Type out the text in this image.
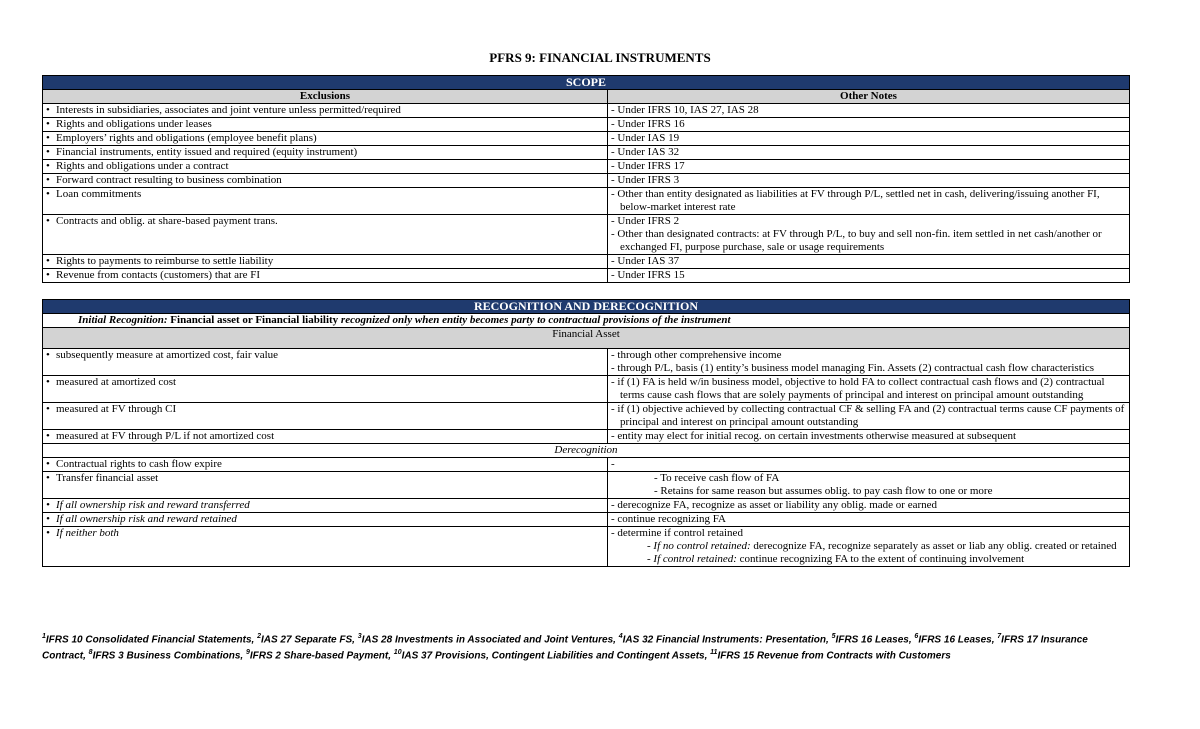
PFRS 9: FINANCIAL INSTRUMENTS
SCOPE	
Exclusions	Other Notes
• Interests in subsidiaries, associates and joint venture unless permitted/required	- Under IFRS 10, IAS 27, IAS 28

• Rights and obligations under leases	- Under IFRS 16

• Employers’ rights and obligations (employee benefit plans)	- Under IAS 19

• Financial instruments, entity issued and required (equity instrument)	- Under IAS 32

• Rights and obligations under a contract	- Under IFRS 17

• Forward contract resulting to business combination	- Under IFRS 3

• Loan commitments	- Other than entity designated as liabilities at FV through P/L, settled net in cash, delivering/issuing another FI, below-market interest rate

• Contracts and oblig. at share-based payment trans.	- Under IFRS 2
- Other than designated contracts: at FV through P/L, to buy and sell non-fin. item settled in net cash/another or exchanged FI, purpose purchase, sale or usage requirements

• Rights to payments to reimburse to settle liability	- Under IAS 37

• Revenue from contacts (customers) that are FI	- Under IFRS 15
RECOGNITION AND DERECOGNITION	
Initial Recognition: Financial asset or Financial liability recognized only when entity becomes party to contractual provisions of the instrument	
Financial Asset	
• subsequently measure at amortized cost, fair value	- through other comprehensive income
- through P/L, basis (1) entity’s business model managing Fin. Assets (2) contractual cash flow characteristics

• measured at amortized cost	- if (1) FA is held w/in business model, objective to hold FA to collect contractual cash flows and (2) contractual terms cause cash flows that are solely payments of principal and interest on principal amount outstanding

• measured at FV through CI	- if (1) objective achieved by collecting contractual CF & selling FA and (2) contractual terms cause CF payments of principal and interest on principal amount outstanding

• measured at FV through P/L if not amortized cost	- entity may elect for initial recog. on certain investments otherwise measured at subsequent

Derecognition	
• Contractual rights to cash flow expire	-
• Transfer financial asset	- To receive cash flow of FA
- Retains for same reason but assumes oblig. to pay cash flow to one or more

• If all ownership risk and reward transferred	- derecognize FA, recognize as asset or liability any oblig. made or earned

• If all ownership risk and reward retained	- continue recognizing FA

• If neither both	- determine if control retained
- If no control retained: derecognize FA, recognize separately as asset or liab any oblig. created or retained
- If control retained: continue recognizing FA to the extent of continuing involvement
$^1$IFRS 10 Consolidated Financial Statements, $^2$IAS 27 Separate FS, $^3$IAS 28 Investments in Associated and Joint Ventures, $^4$IAS 32 Financial Instruments: Presentation, $^5$IFRS 16 Leases, $^6$IFRS 16 Leases, $^7$IFRS 17 Insurance Contract, $^8$IFRS 3 Business Combinations, $^9$IFRS 2 Share-based Payment, $^{10}$IAS 37 Provisions, Contingent Liabilities and Contingent Assets, $^{11}$IFRS 15 Revenue from Contracts with Customers
